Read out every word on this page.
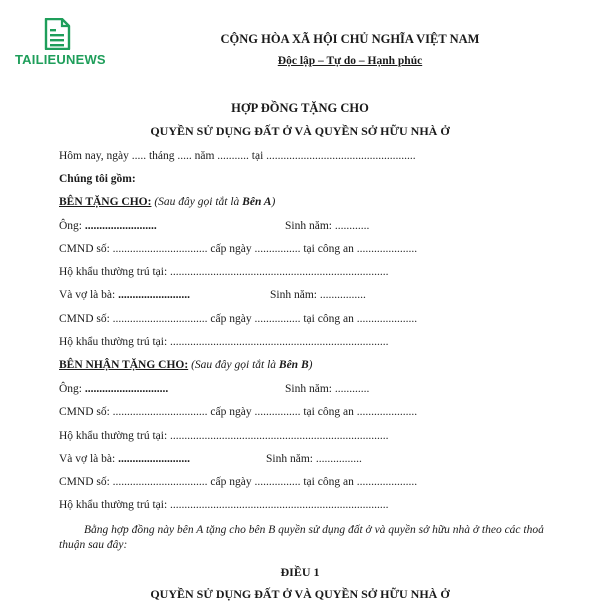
TAILIEUNEWS
CỘNG HÒA XÃ HỘI CHỦ NGHĨA VIỆT NAM
Độc lập – Tự do – Hạnh phúc
HỢP ĐỒNG TẶNG CHO
QUYỀN SỬ DỤNG ĐẤT Ở VÀ QUYỀN SỞ HỮU NHÀ Ở
Hôm nay, ngày ..... tháng ..... năm ........... tại ....................................................
Chúng tôi gồm:
BÊN TẶNG CHO: (Sau đây gọi tắt là Bên A)
Ông: .........................	Sinh năm: ............
CMND số: ................................. cấp ngày ................ tại công an .....................
Hộ khẩu thường trú tại: ............................................................................
Và vợ là bà: .........................	Sinh năm: ................
CMND số: ................................. cấp ngày ................ tại công an .....................
Hộ khẩu thường trú tại: ............................................................................
BÊN NHẬN TẶNG CHO: (Sau đây gọi tắt là Bên B)
Ông: .............................	Sinh năm: ............
CMND số: ................................. cấp ngày ................ tại công an .....................
Hộ khẩu thường trú tại: ............................................................................
Và vợ là bà: .........................	Sinh năm: ................
CMND số: ................................. cấp ngày ................ tại công an .....................
Hộ khẩu thường trú tại: ............................................................................
Bằng hợp đồng này bên A tặng cho bên B quyền sử dụng đất ở và quyền sở hữu nhà ở theo các thoả thuận sau đây:
ĐIỀU 1
QUYỀN SỬ DỤNG ĐẤT Ở VÀ QUYỀN SỞ HỮU NHÀ Ở
